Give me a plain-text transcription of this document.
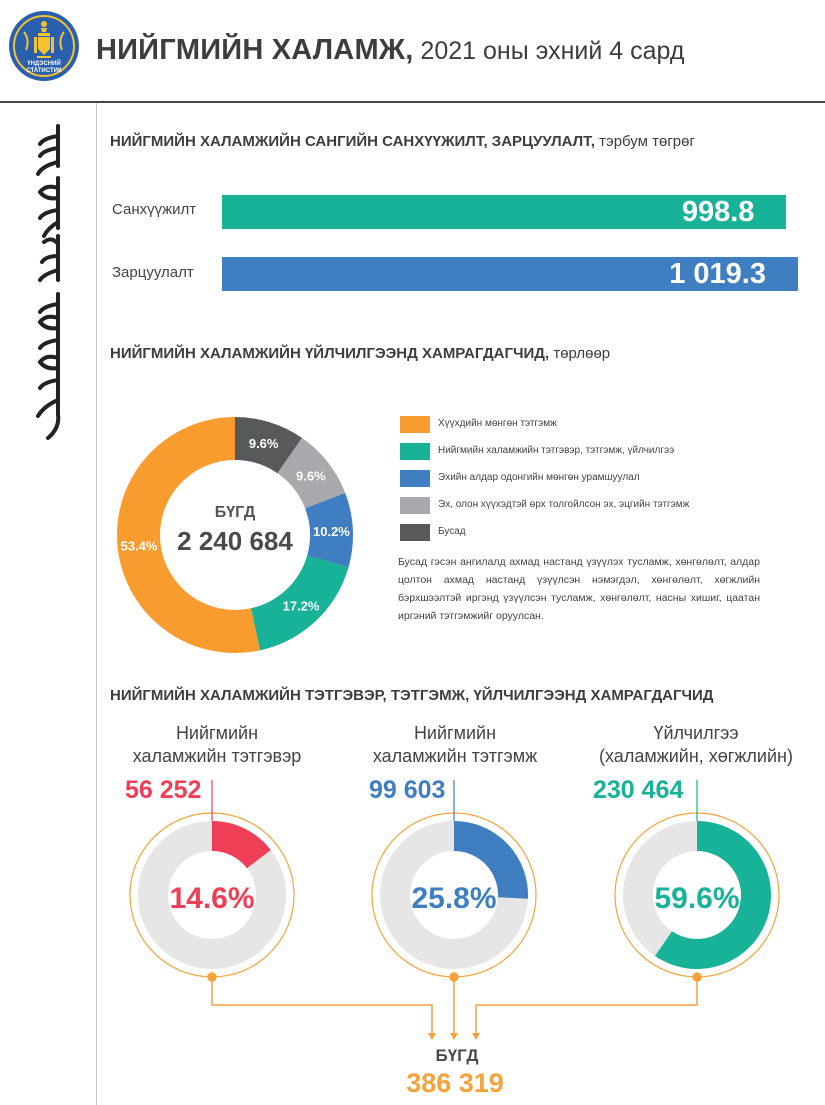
ҮНДЭСНИЙ
СТАТИСТИК
НИЙГМИЙН ХАЛАМЖ, 2021 оны эхний 4 сард
НИЙГМИЙН ХАЛАМЖИЙН САНГИЙН САНХҮҮЖИЛТ, ЗАРЦУУЛАЛТ, тэрбум төгрөг
Санхүүжилт	998.8
Зарцуулалт	1 019.3
НИЙГМИЙН ХАЛАМЖИЙН ҮЙЛЧИЛГЭЭНД ХАМРАГДАГЧИД, төрлөөр
9.6%
9.6%
10.2%
17.2%
53.4%
БҮГД
2 240 684
Хүүхдийн мөнгөн тэтгэмж
Нийгмийн халамжийн тэтгэвэр, тэтгэмж, үйлчилгээ
Эхийн алдар одонгийн мөнгөн урамшуулал
Эх, олон хүүхэдтэй өрх толгойлсон эх, эцгийн тэтгэмж
Бусад
Бусад гэсэн ангилалд ахмад настанд үзүүлэх тусламж, хөнгөлөлт, алдар цолтон ахмад настанд үзүүлсэн нэмэгдэл, хөнгөлөлт, хөгжлийн бэрхшээлтэй иргэнд үзүүлсэн тусламж, хөнгөлөлт, насны хишиг, цаатан иргэний тэтгэмжийг оруулсан.
НИЙГМИЙН ХАЛАМЖИЙН ТЭТГЭВЭР, ТЭТГЭМЖ, ҮЙЛЧИЛГЭЭНД ХАМРАГДАГЧИД
Нийгмийн
халамжийн тэтгэвэр
Нийгмийн
халамжийн тэтгэмж
Үйлчилгээ
(халамжийн, хөгжлийн)
56 252	99 603	230 464
14.6%	25.8%	59.6%
БҮГД
386 319
